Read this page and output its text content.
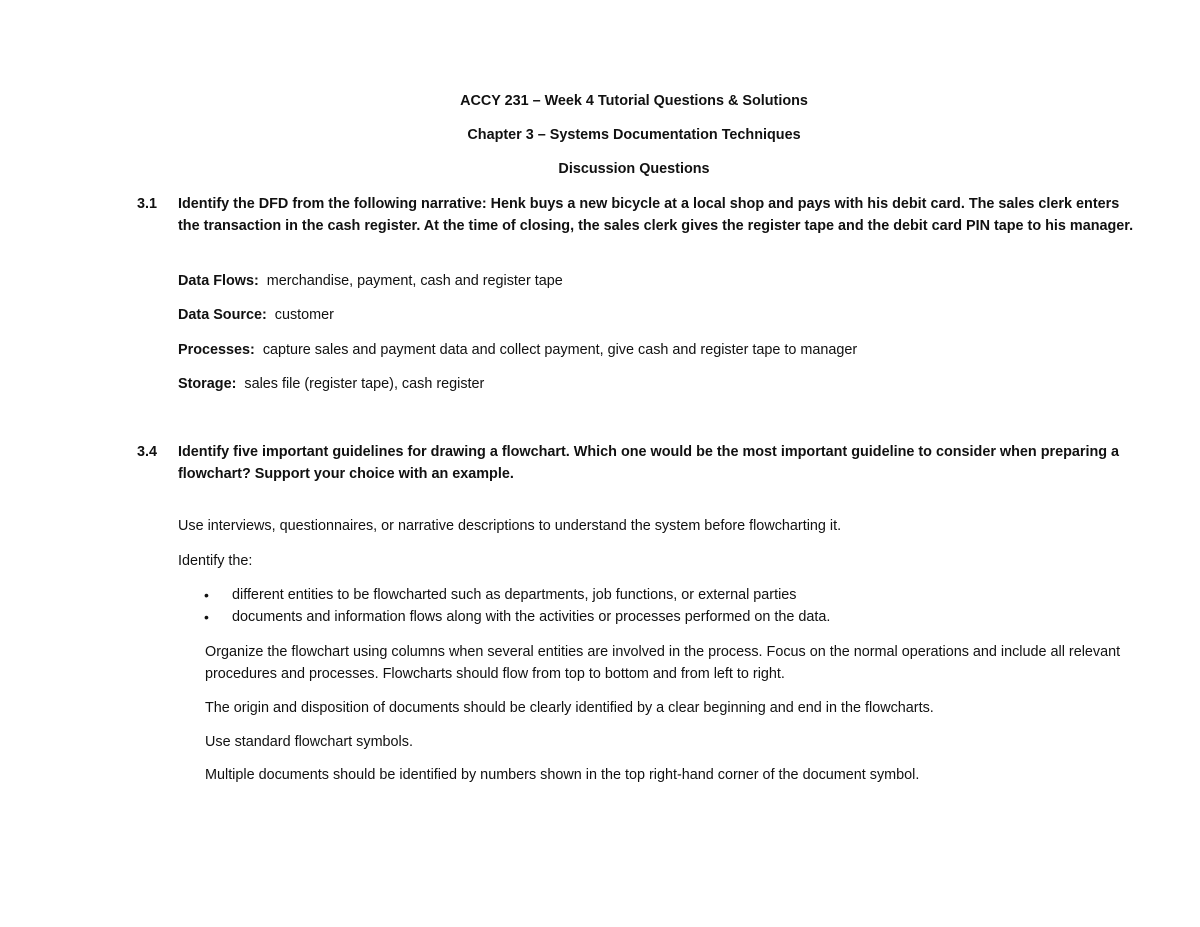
ACCY 231 – Week 4 Tutorial Questions & Solutions
Chapter 3 – Systems Documentation Techniques
Discussion Questions
3.1 Identify the DFD from the following narrative: Henk buys a new bicycle at a local shop and pays with his debit card. The sales clerk enters the transaction in the cash register. At the time of closing, the sales clerk gives the register tape and the debit card PIN tape to his manager.
Data Flows: merchandise, payment, cash and register tape
Data Source: customer
Processes: capture sales and payment data and collect payment, give cash and register tape to manager
Storage: sales file (register tape), cash register
3.4 Identify five important guidelines for drawing a flowchart. Which one would be the most important guideline to consider when preparing a flowchart? Support your choice with an example.
Use interviews, questionnaires, or narrative descriptions to understand the system before flowcharting it.
Identify the:
• different entities to be flowcharted such as departments, job functions, or external parties
• documents and information flows along with the activities or processes performed on the data.
Organize the flowchart using columns when several entities are involved in the process. Focus on the normal operations and include all relevant procedures and processes. Flowcharts should flow from top to bottom and from left to right.
The origin and disposition of documents should be clearly identified by a clear beginning and end in the flowcharts.
Use standard flowchart symbols.
Multiple documents should be identified by numbers shown in the top right-hand corner of the document symbol.
